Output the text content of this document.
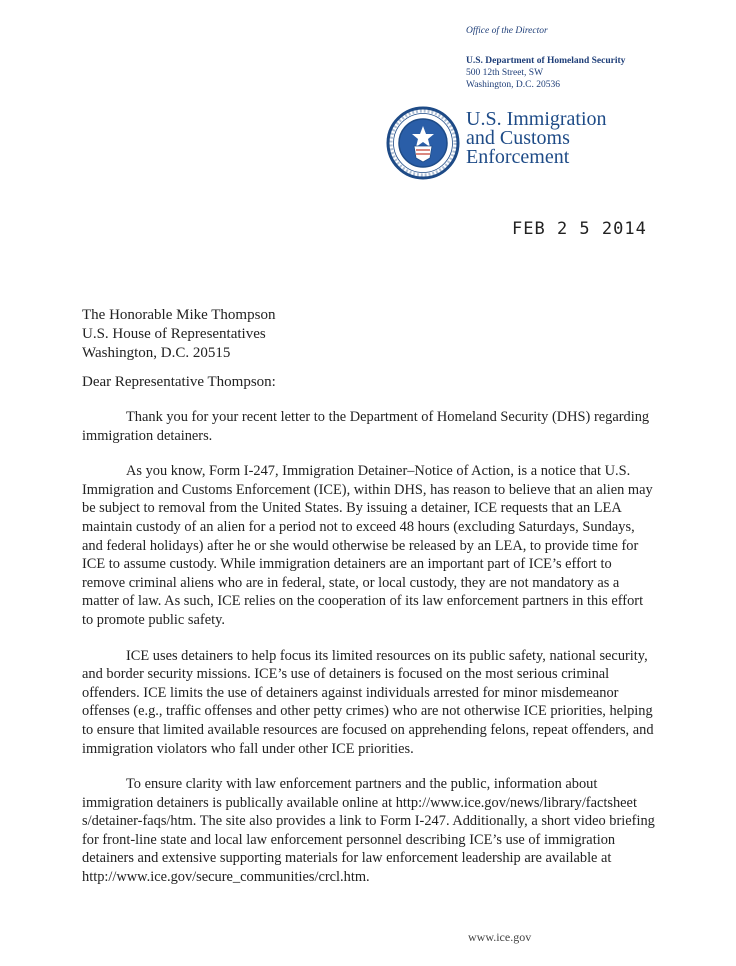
Office of the Director
U.S. Department of Homeland Security
500 12th Street, SW
Washington, D.C. 20536
U.S. Immigration
and Customs
Enforcement
FEB 2 5 2014
The Honorable Mike Thompson
U.S. House of Representatives
Washington, D.C. 20515
Dear Representative Thompson:

Thank you for your recent letter to the Department of Homeland Security (DHS) regarding immigration detainers.

As you know, Form I-247, Immigration Detainer–Notice of Action, is a notice that U.S. Immigration and Customs Enforcement (ICE), within DHS, has reason to believe that an alien may be subject to removal from the United States. By issuing a detainer, ICE requests that an LEA maintain custody of an alien for a period not to exceed 48 hours (excluding Saturdays, Sundays, and federal holidays) after he or she would otherwise be released by an LEA, to provide time for ICE to assume custody. While immigration detainers are an important part of ICE’s effort to remove criminal aliens who are in federal, state, or local custody, they are not mandatory as a matter of law. As such, ICE relies on the cooperation of its law enforcement partners in this effort to promote public safety.

ICE uses detainers to help focus its limited resources on its public safety, national security, and border security missions. ICE’s use of detainers is focused on the most serious criminal offenders. ICE limits the use of detainers against individuals arrested for minor misdemeanor offenses (e.g., traffic offenses and other petty crimes) who are not otherwise ICE priorities, helping to ensure that limited available resources are focused on apprehending felons, repeat offenders, and immigration violators who fall under other ICE priorities.

To ensure clarity with law enforcement partners and the public, information about immigration detainers is publically available online at http://www.ice.gov/news/library/factsheet s/detainer-faqs/htm. The site also provides a link to Form I-247. Additionally, a short video briefing for front-line state and local law enforcement personnel describing ICE’s use of immigration detainers and extensive supporting materials for law enforcement leadership are available at http://www.ice.gov/secure_communities/crcl.htm.

www.ice.gov
